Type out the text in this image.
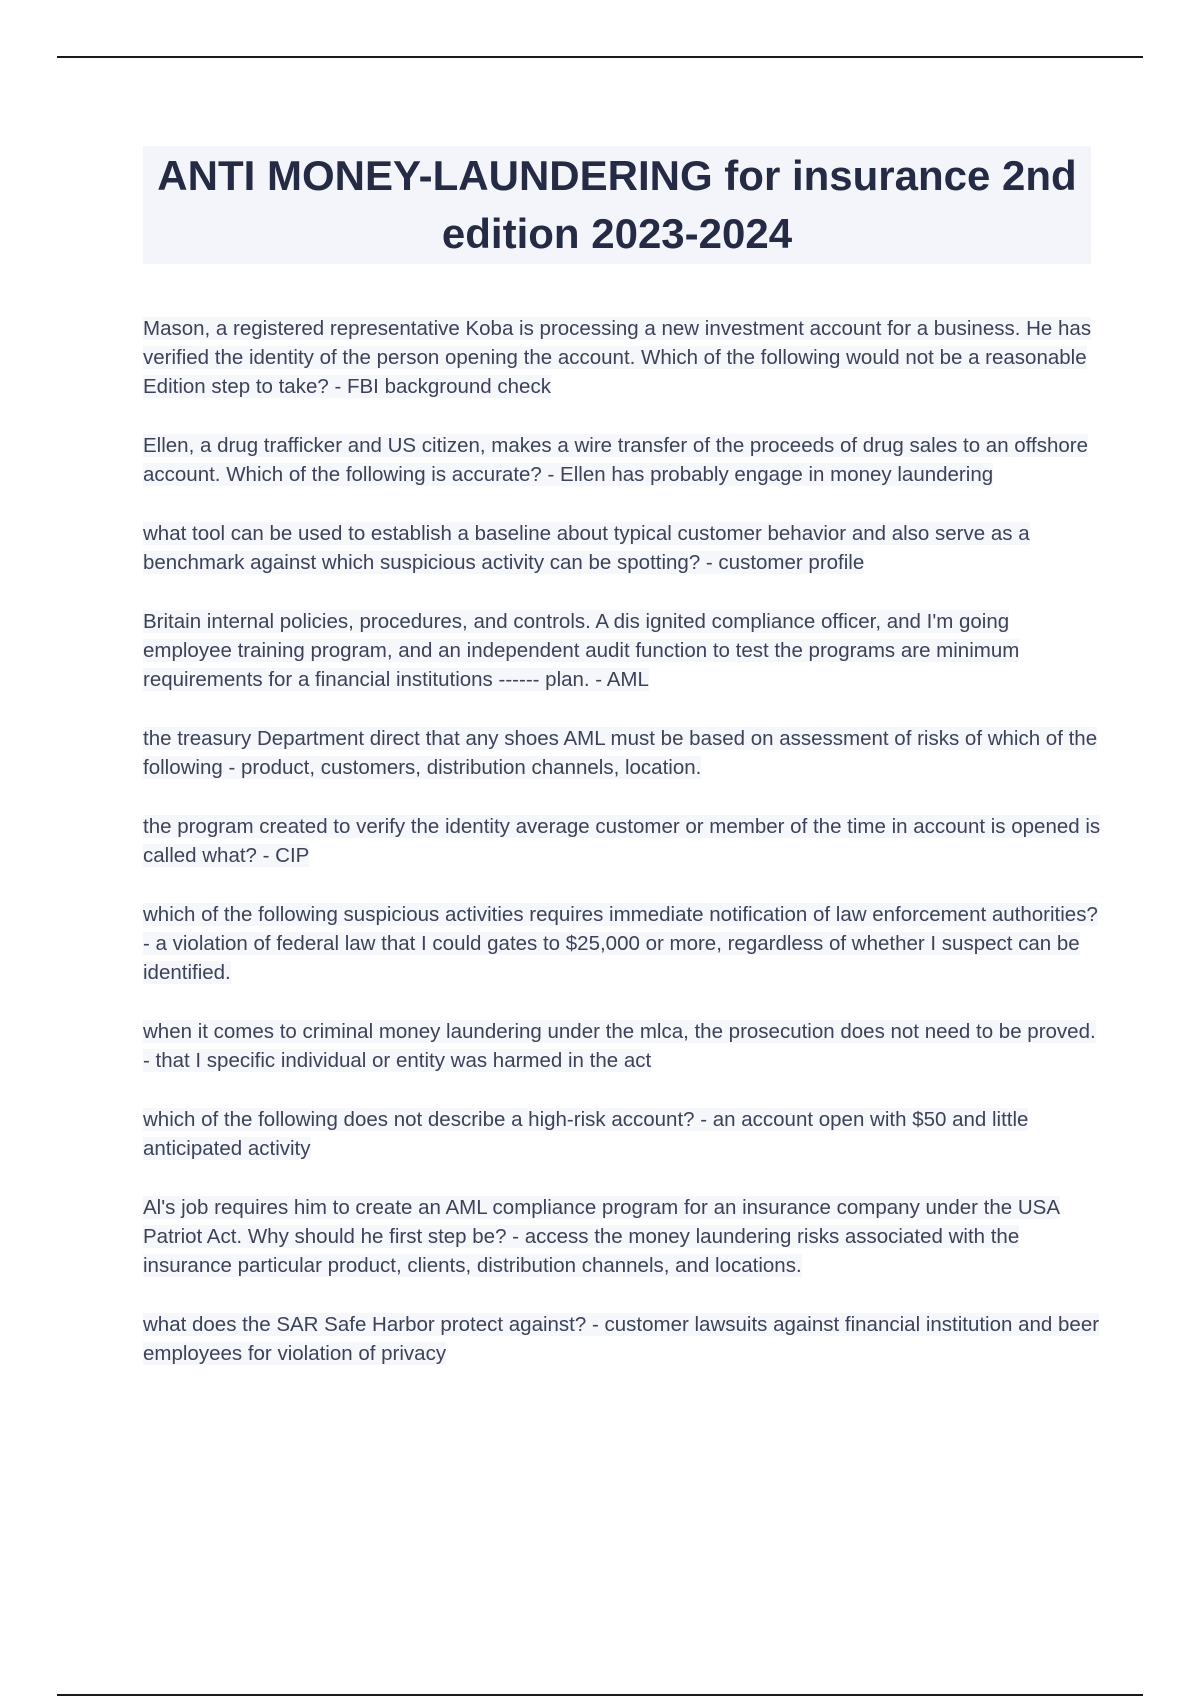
ANTI MONEY-LAUNDERING for insurance 2nd edition 2023-2024
Mason, a registered representative Koba is processing a new investment account for a business. He has verified the identity of the person opening the account. Which of the following would not be a reasonable Edition step to take? - FBI background check
Ellen, a drug trafficker and US citizen, makes a wire transfer of the proceeds of drug sales to an offshore account. Which of the following is accurate? - Ellen has probably engage in money laundering
what tool can be used to establish a baseline about typical customer behavior and also serve as a benchmark against which suspicious activity can be spotting? - customer profile
Britain internal policies, procedures, and controls. A dis ignited compliance officer, and I'm going employee training program, and an independent audit function to test the programs are minimum requirements for a financial institutions ------ plan. - AML
the treasury Department direct that any shoes AML must be based on assessment of risks of which of the following - product, customers, distribution channels, location.
the program created to verify the identity average customer or member of the time in account is opened is called what? - CIP
which of the following suspicious activities requires immediate notification of law enforcement authorities? - a violation of federal law that I could gates to $25,000 or more, regardless of whether I suspect can be identified.
when it comes to criminal money laundering under the mlca, the prosecution does not need to be proved. - that I specific individual or entity was harmed in the act
which of the following does not describe a high-risk account? - an account open with $50 and little anticipated activity
Al's job requires him to create an AML compliance program for an insurance company under the USA Patriot Act. Why should he first step be? - access the money laundering risks associated with the insurance particular product, clients, distribution channels, and locations.
what does the SAR Safe Harbor protect against? - customer lawsuits against financial institution and beer employees for violation of privacy
